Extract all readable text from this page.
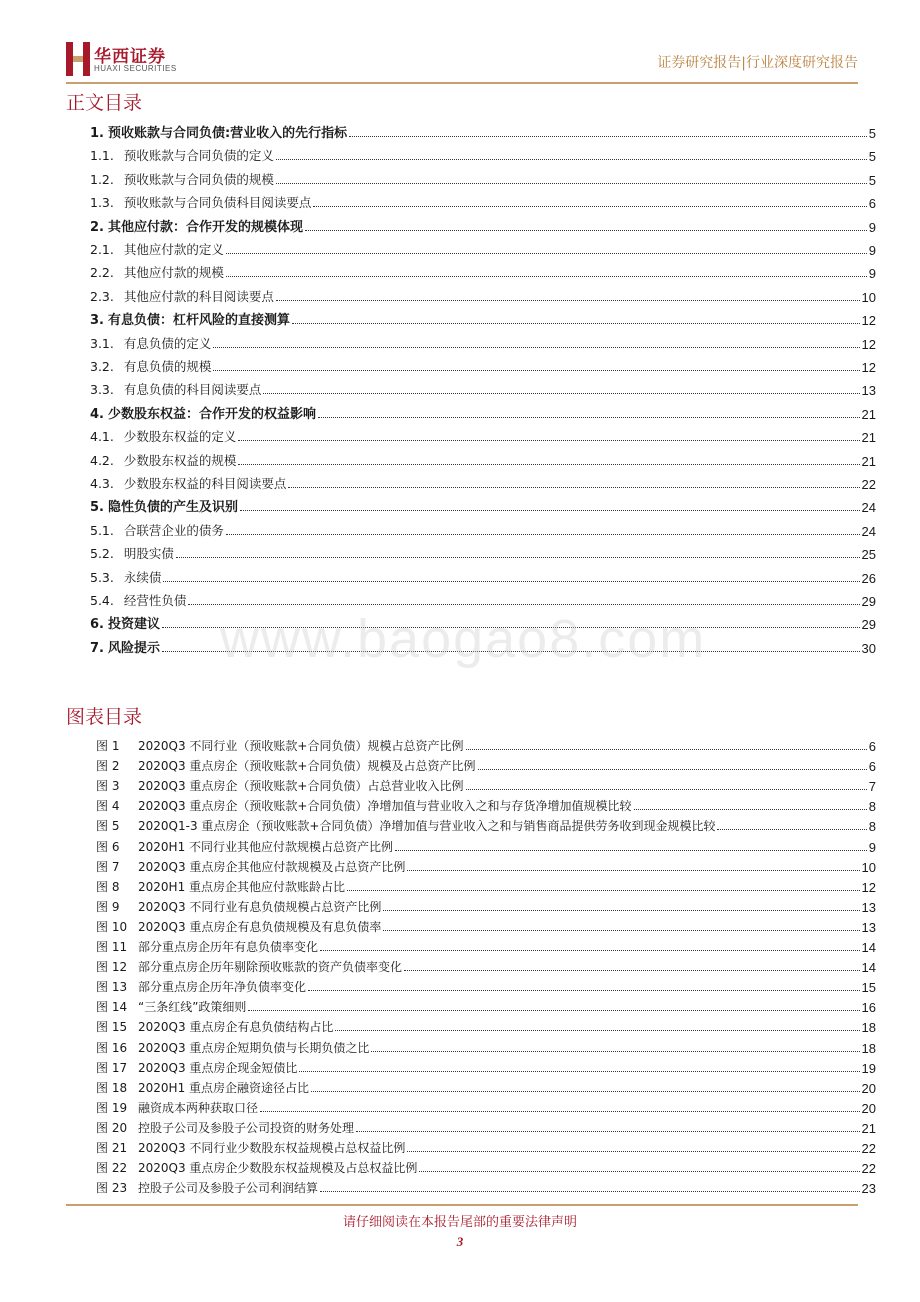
华西证券
HUAXI SECURITIES	证券研究报告|行业深度研究报告
正文目录
1. 预收账款与合同负债:营业收入的先行指标	5
1.1. 预收账款与合同负债的定义	5
1.2. 预收账款与合同负债的规模	5
1.3. 预收账款与合同负债科目阅读要点	6
2. 其他应付款：合作开发的规模体现	9
2.1. 其他应付款的定义	9
2.2. 其他应付款的规模	9
2.3. 其他应付款的科目阅读要点	10
3. 有息负债：杠杆风险的直接测算	12
3.1. 有息负债的定义	12
3.2. 有息负债的规模	12
3.3. 有息负债的科目阅读要点	13
4. 少数股东权益：合作开发的权益影响	21
4.1. 少数股东权益的定义	21
4.2. 少数股东权益的规模	21
4.3. 少数股东权益的科目阅读要点	22
5. 隐性负债的产生及识别	24
5.1. 合联营企业的债务	24
5.2. 明股实债	25
5.3. 永续债	26
5.4. 经营性负债	29
6. 投资建议	29
7. 风险提示	30
图表目录
图 1	2020Q3 不同行业（预收账款+合同负债）规模占总资产比例	6
图 2	2020Q3 重点房企（预收账款+合同负债）规模及占总资产比例	6
图 3	2020Q3 重点房企（预收账款+合同负债）占总营业收入比例	7
图 4	2020Q3 重点房企（预收账款+合同负债）净增加值与营业收入之和与存货净增加值规模比较	8
图 5	2020Q1-3 重点房企（预收账款+合同负债）净增加值与营业收入之和与销售商品提供劳务收到现金规模比较	8
图 6	2020H1 不同行业其他应付款规模占总资产比例	9
图 7	2020Q3 重点房企其他应付款规模及占总资产比例	10
图 8	2020H1 重点房企其他应付款账龄占比	12
图 9	2020Q3 不同行业有息负债规模占总资产比例	13
图 10 2020Q3 重点房企有息负债规模及有息负债率	13
图 11 部分重点房企历年有息负债率变化	14
图 12 部分重点房企历年剔除预收账款的资产负债率变化	14
图 13 部分重点房企历年净负债率变化	15
图 14 “三条红线”政策细则	16
图 15 2020Q3 重点房企有息负债结构占比	18
图 16 2020Q3 重点房企短期负债与长期负债之比	18
图 17 2020Q3 重点房企现金短债比	19
图 18 2020H1 重点房企融资途径占比	20
图 19 融资成本两种获取口径	20
图 20 控股子公司及参股子公司投资的财务处理	21
图 21 2020Q3 不同行业少数股东权益规模占总权益比例	22
图 22 2020Q3 重点房企少数股东权益规模及占总权益比例	22
图 23 控股子公司及参股子公司利润结算	23
www.baogao8.com
请仔细阅读在本报告尾部的重要法律声明
3
